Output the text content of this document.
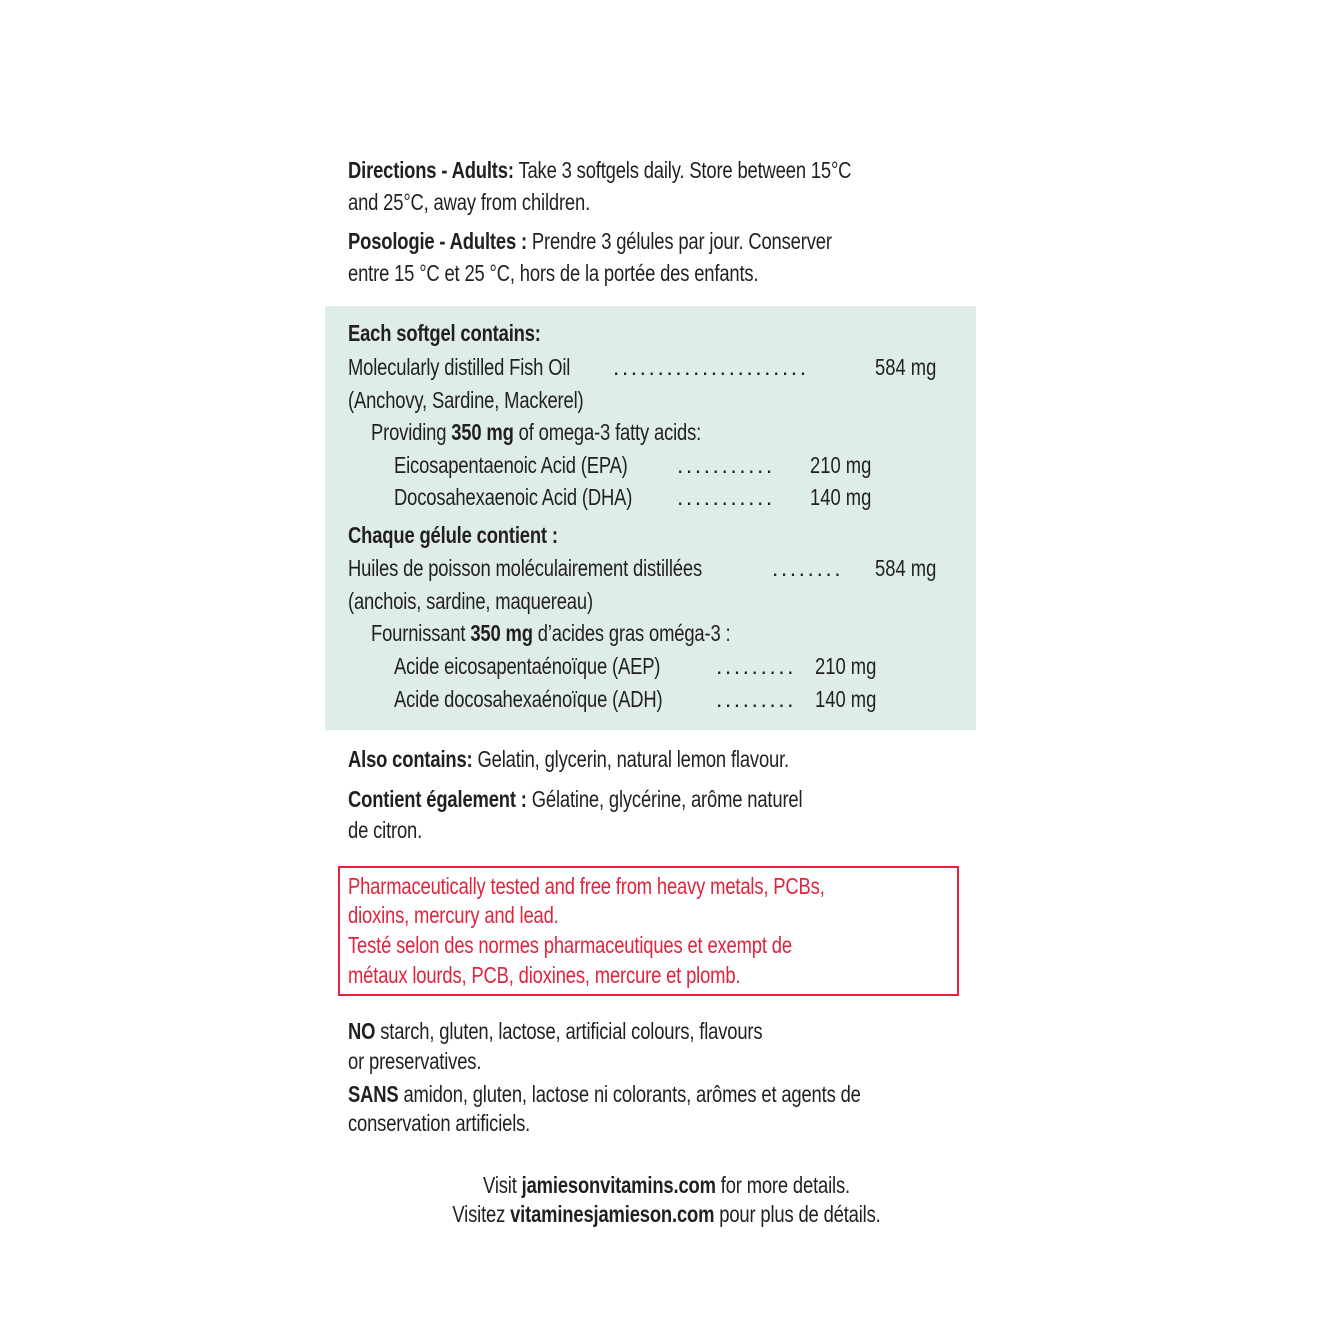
Directions - Adults: Take 3 softgels daily. Store between 15°C
and 25°C, away from children.
Posologie - Adultes : Prendre 3 gélules par jour. Conserver
entre 15 °C et 25 °C, hors de la portée des enfants.
Each softgel contains:
Molecularly distilled Fish Oil ......................	584 mg
(Anchovy, Sardine, Mackerel)
Providing 350 mg of omega-3 fatty acids:
Eicosapentaenoic Acid (EPA) ........... 210 mg
Docosahexaenoic Acid (DHA) ........... 140 mg
Chaque gélule contient :
Huiles de poisson moléculairement distillées	........ 584 mg
(anchois, sardine, maquereau)
Fournissant 350 mg d’acides gras oméga-3 :
Acide eicosapentaénoïque (AEP) ......... 210 mg
Acide docosahexaénoïque (ADH) ......... 140 mg
Also contains: Gelatin, glycerin, natural lemon flavour.
Contient également : Gélatine, glycérine, arôme naturel
de citron.
Pharmaceutically tested and free from heavy metals, PCBs,
dioxins, mercury and lead.
Testé selon des normes pharmaceutiques et exempt de
métaux lourds, PCB, dioxines, mercure et plomb.
NO starch, gluten, lactose, artificial colours, flavours
or preservatives.
SANS amidon, gluten, lactose ni colorants, arômes et agents de
conservation artificiels.
Visit jamiesonvitamins.com for more details.
Visitez vitaminesjamieson.com pour plus de détails.
